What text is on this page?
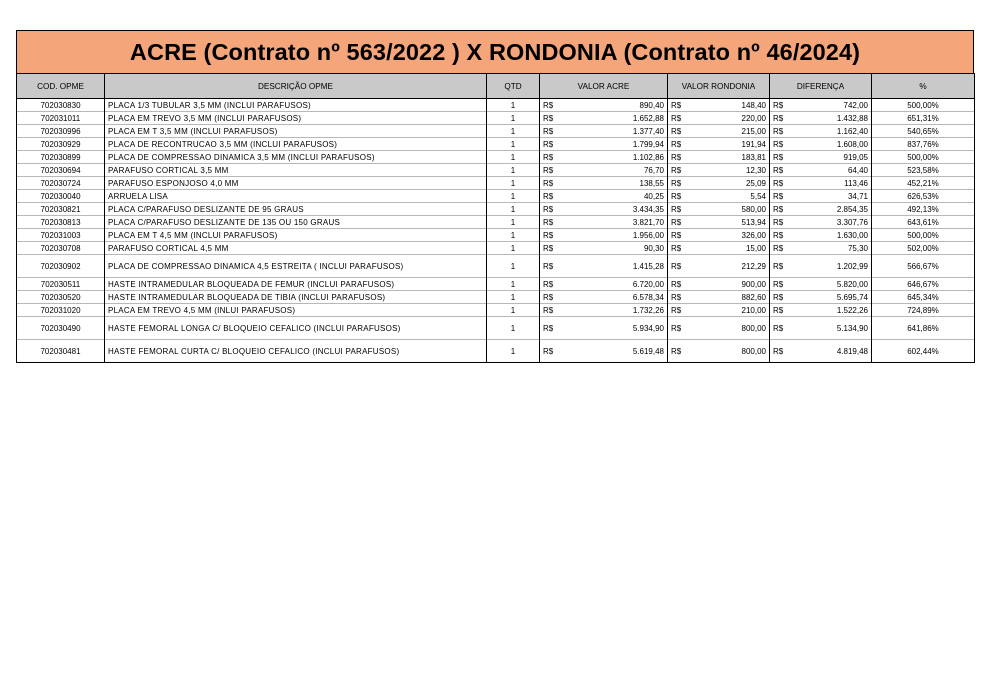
ACRE (Contrato nº 563/2022 ) X RONDONIA (Contrato nº 46/2024)
COD. OPME	DESCRIÇÃO OPME	QTD	VALOR ACRE	VALOR RONDONIA	DIFERENÇA	%
702030830	PLACA 1/3 TUBULAR 3,5 MM (INCLUI PARAFUSOS)	1	R$ 890,40	R$ 148,40	R$ 742,00	500,00%
702031011	PLACA EM TREVO 3,5 MM (INCLUI PARAFUSOS)	1	R$ 1.652,88	R$ 220,00	R$ 1.432,88	651,31%
702030996	PLACA EM T 3,5 MM (INCLUI PARAFUSOS)	1	R$ 1.377,40	R$ 215,00	R$ 1.162,40	540,65%
702030929	PLACA DE RECONTRUCAO 3,5 MM (INCLUI PARAFUSOS)	1	R$ 1.799,94	R$ 191,94	R$ 1.608,00	837,76%
702030899	PLACA DE COMPRESSAO DINAMICA 3,5 MM (INCLUI PARAFUSOS)	1	R$ 1.102,86	R$ 183,81	R$ 919,05	500,00%
702030694	PARAFUSO CORTICAL 3,5 MM	1	R$ 76,70	R$ 12,30	R$ 64,40	523,58%
702030724	PARAFUSO ESPONJOSO 4,0 MM	1	R$ 138,55	R$ 25,09	R$ 113,46	452,21%
702030040	ARRUELA LISA	1	R$ 40,25	R$ 5,54	R$ 34,71	626,53%
702030821	PLACA C/PARAFUSO DESLIZANTE DE 95 GRAUS	1	R$ 3.434,35	R$ 580,00	R$ 2.854,35	492,13%
702030813	PLACA C/PARAFUSO DESLIZANTE DE 135 OU 150 GRAUS	1	R$ 3.821,70	R$ 513,94	R$ 3.307,76	643,61%
702031003	PLACA EM T 4,5 MM (INCLUI PARAFUSOS)	1	R$ 1.956,00	R$ 326,00	R$ 1.630,00	500,00%
702030708	PARAFUSO CORTICAL 4,5 MM	1	R$ 90,30	R$ 15,00	R$ 75,30	502,00%
702030902	PLACA DE COMPRESSAO DINAMICA 4,5 ESTREITA ( INCLUI PARAFUSOS)	1	R$ 1.415,28	R$ 212,29	R$ 1.202,99	566,67%
702030511	HASTE INTRAMEDULAR BLOQUEADA DE FEMUR (INCLUI PARAFUSOS)	1	R$ 6.720,00	R$ 900,00	R$ 5.820,00	646,67%
702030520	HASTE INTRAMEDULAR BLOQUEADA DE TIBIA (INCLUI PARAFUSOS)	1	R$ 6.578,34	R$ 882,60	R$ 5.695,74	645,34%
702031020	PLACA EM TREVO 4,5 MM (INLUI PARAFUSOS)	1	R$ 1.732,26	R$ 210,00	R$ 1.522,26	724,89%
702030490	HASTE FEMORAL LONGA C/ BLOQUEIO CEFALICO (INCLUI PARAFUSOS)	1	R$ 5.934,90	R$ 800,00	R$ 5.134,90	641,86%
702030481	HASTE FEMORAL CURTA C/ BLOQUEIO CEFALICO (INCLUI PARAFUSOS)	1	R$ 5.619,48	R$ 800,00	R$ 4.819,48	602,44%
